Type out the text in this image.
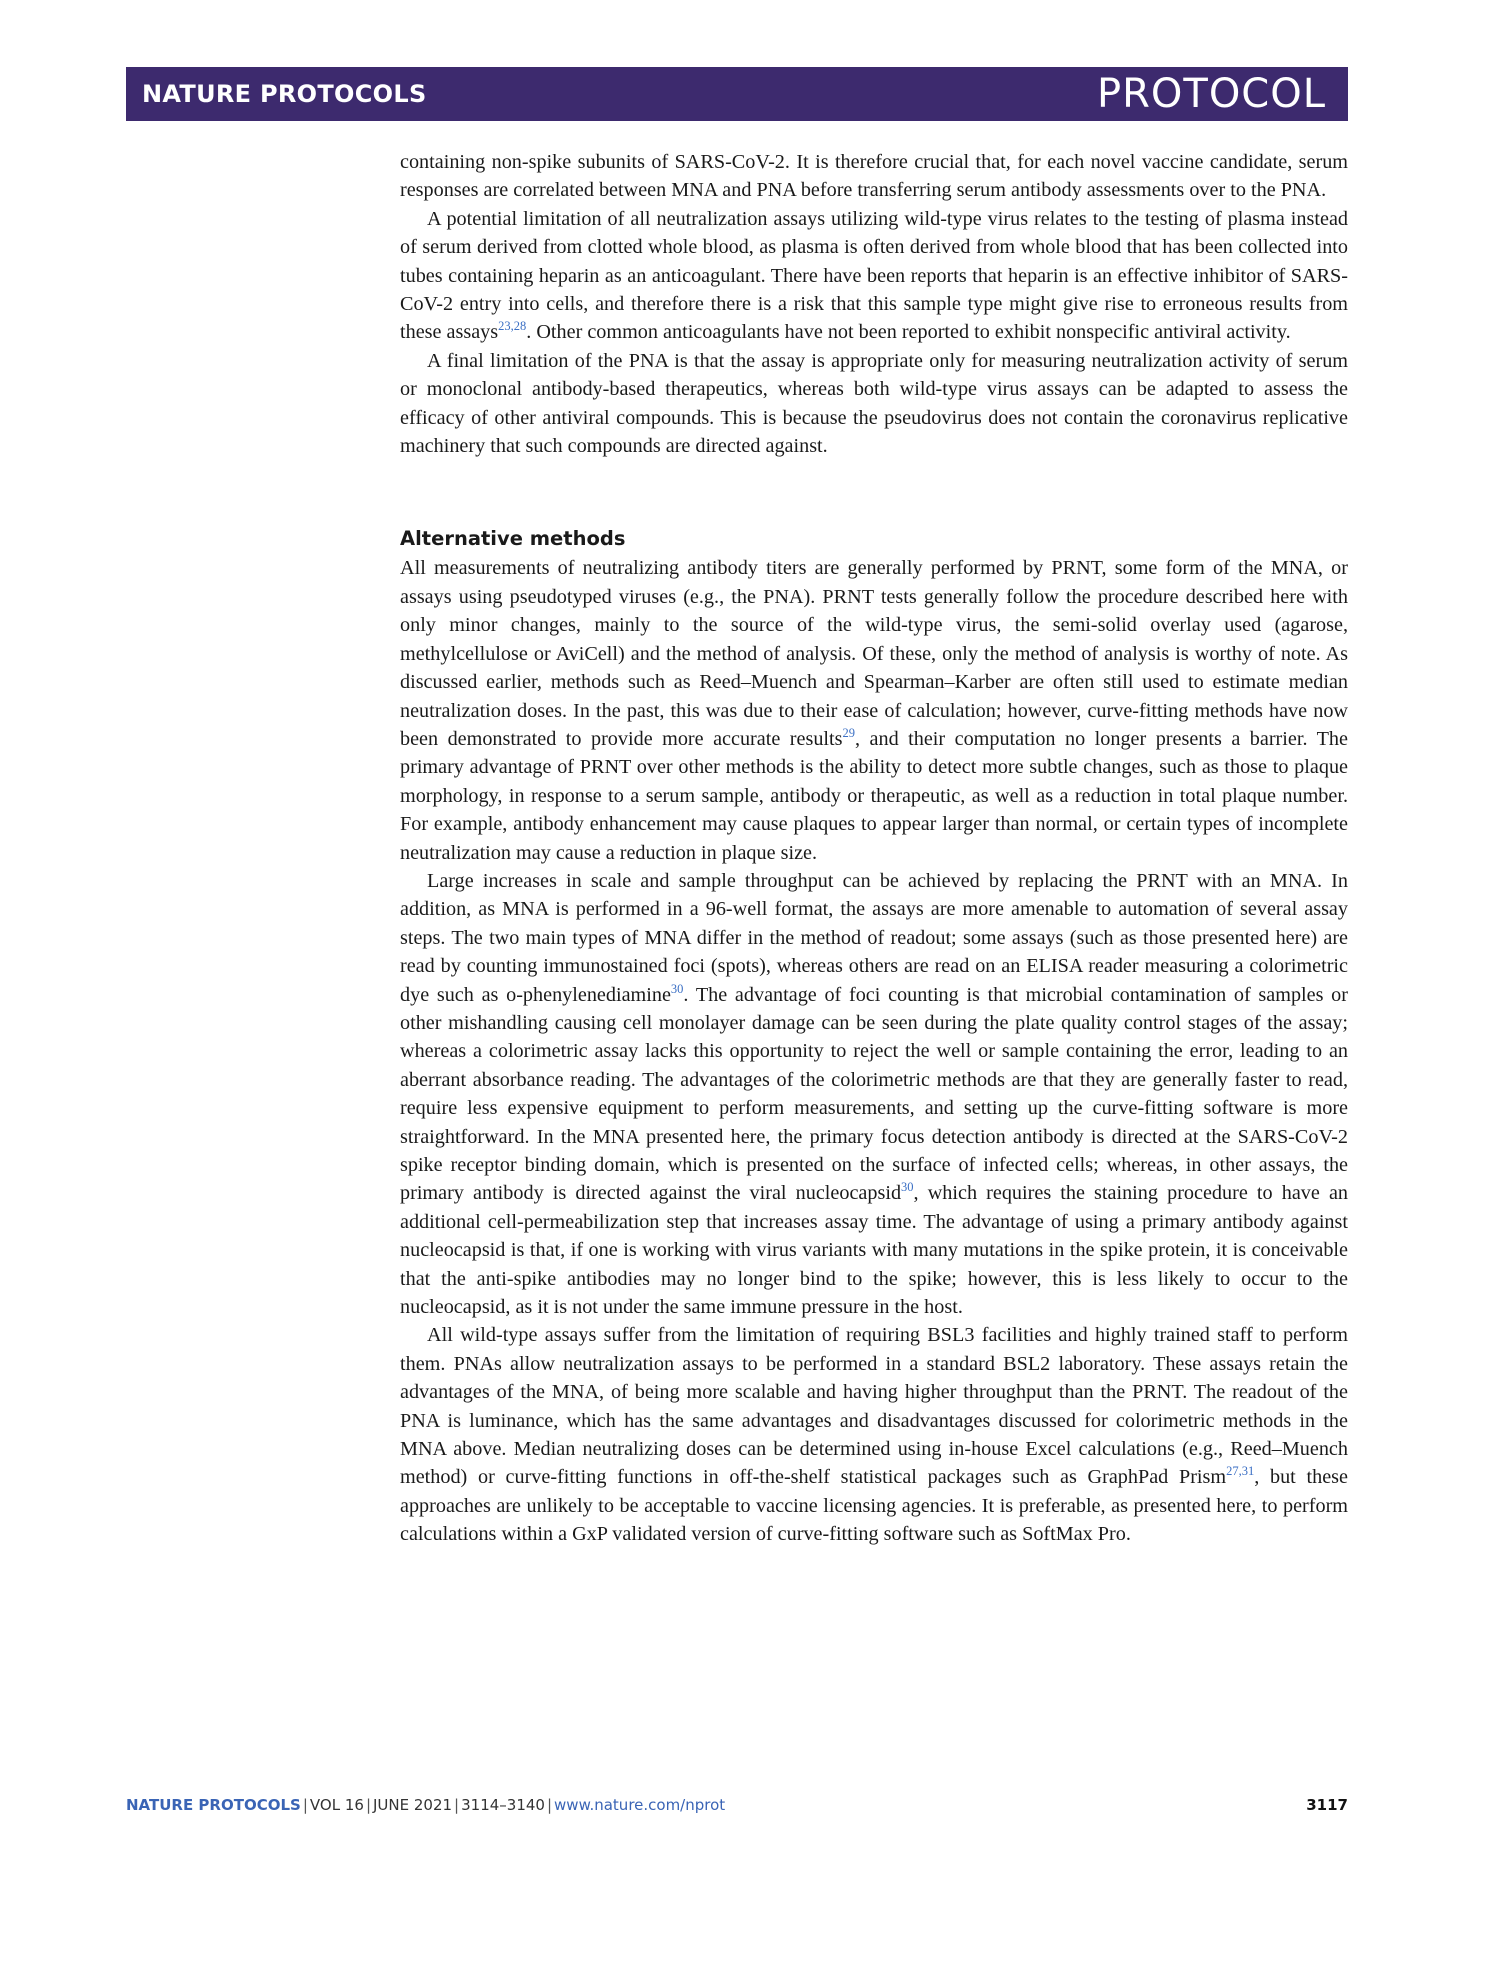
NATURE PROTOCOLS	PROTOCOL

containing non-spike subunits of SARS-CoV-2. It is therefore crucial that, for each novel vaccine candidate, serum responses are correlated between MNA and PNA before transferring serum antibody assessments over to the PNA.

A potential limitation of all neutralization assays utilizing wild-type virus relates to the testing of plasma instead of serum derived from clotted whole blood, as plasma is often derived from whole blood that has been collected into tubes containing heparin as an anticoagulant. There have been reports that heparin is an effective inhibitor of SARS-CoV-2 entry into cells, and therefore there is a risk that this sample type might give rise to erroneous results from these assays$^{23,28}$. Other common anticoagulants have not been reported to exhibit nonspecific antiviral activity.

A final limitation of the PNA is that the assay is appropriate only for measuring neutralization activity of serum or monoclonal antibody-based therapeutics, whereas both wild-type virus assays can be adapted to assess the efficacy of other antiviral compounds. This is because the pseudovirus does not contain the coronavirus replicative machinery that such compounds are directed against.

Alternative methods

All measurements of neutralizing antibody titers are generally performed by PRNT, some form of the MNA, or assays using pseudotyped viruses (e.g., the PNA). PRNT tests generally follow the procedure described here with only minor changes, mainly to the source of the wild-type virus, the semi-solid overlay used (agarose, methylcellulose or AviCell) and the method of analysis. Of these, only the method of analysis is worthy of note. As discussed earlier, methods such as Reed–Muench and Spearman–Karber are often still used to estimate median neutralization doses. In the past, this was due to their ease of calculation; however, curve-fitting methods have now been demonstrated to provide more accurate results$^{29}$, and their computation no longer presents a barrier. The primary advantage of PRNT over other methods is the ability to detect more subtle changes, such as those to plaque morphology, in response to a serum sample, antibody or therapeutic, as well as a reduction in total plaque number. For example, antibody enhancement may cause plaques to appear larger than normal, or certain types of incomplete neutralization may cause a reduction in plaque size.

Large increases in scale and sample throughput can be achieved by replacing the PRNT with an MNA. In addition, as MNA is performed in a 96-well format, the assays are more amenable to automation of several assay steps. The two main types of MNA differ in the method of readout; some assays (such as those presented here) are read by counting immunostained foci (spots), whereas others are read on an ELISA reader measuring a colorimetric dye such as o-phenylenediamine$^{30}$. The advantage of foci counting is that microbial contamination of samples or other mishandling causing cell monolayer damage can be seen during the plate quality control stages of the assay; whereas a colorimetric assay lacks this opportunity to reject the well or sample containing the error, leading to an aberrant absorbance reading. The advantages of the colorimetric methods are that they are generally faster to read, require less expensive equipment to perform measurements, and setting up the curve-fitting software is more straightforward. In the MNA presented here, the primary focus detection antibody is directed at the SARS-CoV-2 spike receptor binding domain, which is presented on the surface of infected cells; whereas, in other assays, the primary antibody is directed against the viral nucleocapsid$^{30}$, which requires the staining procedure to have an additional cell-permeabilization step that increases assay time. The advantage of using a primary antibody against nucleocapsid is that, if one is working with virus variants with many mutations in the spike protein, it is conceivable that the anti-spike antibodies may no longer bind to the spike; however, this is less likely to occur to the nucleocapsid, as it is not under the same immune pressure in the host.

All wild-type assays suffer from the limitation of requiring BSL3 facilities and highly trained staff to perform them. PNAs allow neutralization assays to be performed in a standard BSL2 laboratory. These assays retain the advantages of the MNA, of being more scalable and having higher throughput than the PRNT. The readout of the PNA is luminance, which has the same advantages and disadvantages discussed for colorimetric methods in the MNA above. Median neutralizing doses can be determined using in-house Excel calculations (e.g., Reed–Muench method) or curve-fitting functions in off-the-shelf statistical packages such as GraphPad Prism$^{27,31}$, but these approaches are unlikely to be acceptable to vaccine licensing agencies. It is preferable, as presented here, to perform calculations within a GxP validated version of curve-fitting software such as SoftMax Pro.

NATURE PROTOCOLS | VOL 16 | JUNE 2021 | 3114–3140 | www.nature.com/nprot	3117
